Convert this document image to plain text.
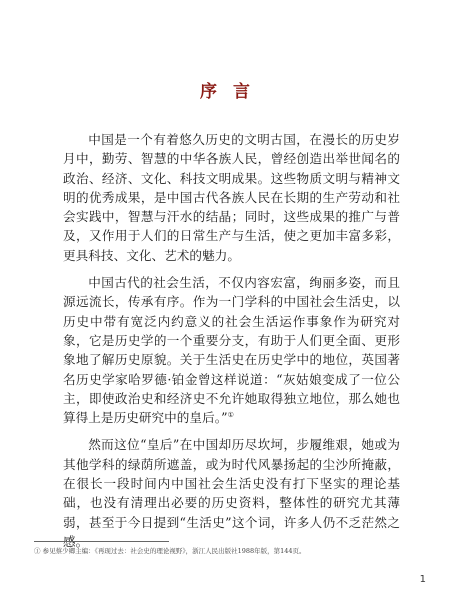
序言

中国是一个有着悠久历史的文明古国，在漫长的历史岁月中，勤劳、智慧的中华各族人民，曾经创造出举世闻名的政治、经济、文化、科技文明成果。这些物质文明与精神文明的优秀成果，是中国古代各族人民在长期的生产劳动和社会实践中，智慧与汗水的结晶；同时，这些成果的推广与普及，又作用于人们的日常生产与生活，使之更加丰富多彩，更具科技、文化、艺术的魅力。

中国古代的社会生活，不仅内容宏富，绚丽多姿，而且源远流长，传承有序。作为一门学科的中国社会生活史，以历史中带有宽泛内约意义的社会生活运作事象作为研究对象，它是历史学的一个重要分支，有助于人们更全面、更形象地了解历史原貌。关于生活史在历史学中的地位，英国著名历史学家哈罗德·铂金曾这样说道：“灰姑娘变成了一位公主，即使政治史和经济史不允许她取得独立地位，那么她也算得上是历史研究中的皇后。”①

然而这位“皇后”在中国却历尽坎坷，步履维艰，她或为其他学科的绿荫所遮盖，或为时代风暴扬起的尘沙所掩蔽，在很长一段时间内中国社会生活史没有打下坚实的理论基础，也没有清理出必要的历史资料，整体性的研究尤其薄弱，甚至于今日提到“生活史”这个词，许多人仍不乏茫然之感。

① 参见蔡少卿主编：《再现过去：社会史的理论视野》，浙江人民出版社1988年版，第144页。
1
